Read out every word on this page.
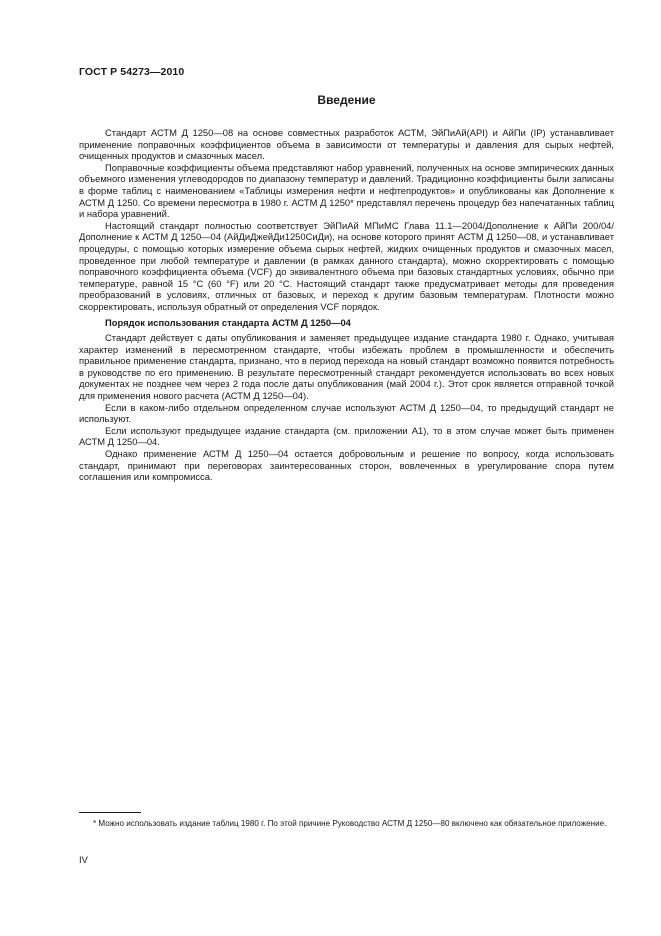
ГОСТ Р 54273—2010
Введение

Стандарт АСТМ Д 1250—08 на основе совместных разработок АСТМ, ЭйПиАй(API) и АйПи (IP) устанавливает применение поправочных коэффициентов объема в зависимости от температуры и давления для сырых нефтей, очищенных продуктов и смазочных масел.

Поправочные коэффициенты объема представляют набор уравнений, полученных на основе эмпирических данных объемного изменения углеводородов по диапазону температур и давлений. Традиционно коэффициенты были записаны в форме таблиц с наименованием «Таблицы измерения нефти и нефтепродуктов» и опубликованы как Дополнение к АСТМ Д 1250. Со времени пересмотра в 1980 г. АСТМ Д 1250* представлял перечень процедур без напечатанных таблиц и набора уравнений.

Настоящий стандарт полностью соответствует ЭйПиАй МПиМС Глава 11.1—2004/Дополнение к АйПи 200/04/Дополнение к АСТМ Д 1250—04 (АйДиДжейДи1250СиДи), на основе которого принят АСТМ Д 1250—08, и устанавливает процедуры, с помощью которых измерение объема сырых нефтей, жидких очищенных продуктов и смазочных масел, проведенное при любой температуре и давлении (в рамках данного стандарта), можно скорректировать с помощью поправочного коэффициента объема (VCF) до эквивалентного объема при базовых стандартных условиях, обычно при температуре, равной 15 °C (60 °F) или 20 °C. Настоящий стандарт также предусматривает методы для проведения преобразований в условиях, отличных от базовых, и переход к другим базовым температурам. Плотности можно скорректировать, используя обратный от определения VCF порядок.

Порядок использования стандарта АСТМ Д 1250—04

Стандарт действует с даты опубликования и заменяет предыдущее издание стандарта 1980 г. Однако, учитывая характер изменений в пересмотренном стандарте, чтобы избежать проблем в промышленности и обеспечить правильное применение стандарта, признано, что в период перехода на новый стандарт возможно появится потребность в руководстве по его применению. В результате пересмотренный стандарт рекомендуется использовать во всех новых документах не позднее чем через 2 года после даты опубликования (май 2004 г.). Этот срок является отправной точкой для применения нового расчета (АСТМ Д 1250—04).

Если в каком-либо отдельном определенном случае используют АСТМ Д 1250—04, то предыдущий стандарт не используют.

Если используют предыдущее издание стандарта (см. приложении А1), то в этом случае может быть применен АСТМ Д 1250—04.

Однако применение АСТМ Д 1250—04 остается добровольным и решение по вопросу, когда использовать стандарт, принимают при переговорах заинтересованных сторон, вовлеченных в урегулирование спора путем соглашения или компромисса.

* Можно использовать издание таблиц 1980 г. По этой причине Руководство АСТМ Д 1250—80 включено как обязательное приложение.

IV
